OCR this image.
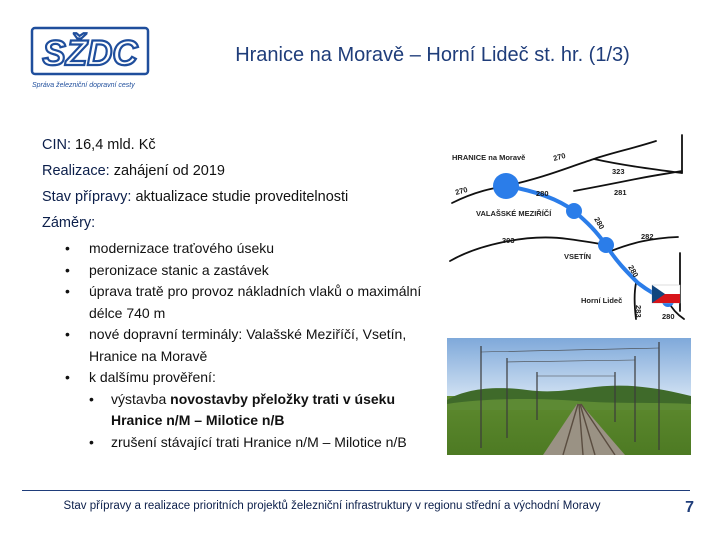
SŽDC
Správa železniční dopravní cesty
Hranice na Moravě – Horní Lideč st. hr. (1/3)
CIN: 16,4 mld. Kč
Realizace: zahájení od 2019
Stav přípravy: aktualizace studie proveditelnosti
Záměry:
• modernizace traťového úseku
• peronizace stanic a zastávek
• úprava tratě pro provoz nákladních vlaků o maximální délce 740 m
• nové dopravní terminály: Valašské Meziříčí, Vsetín, Hranice na Moravě
• k dalšímu prověření:
• výstavba novostavby přeložky trati v úseku Hranice n/M – Milotice n/B
• zrušení stávající trati Hranice n/M – Milotice n/B
HRANICE na Moravě
VALAŠSKÉ MEZIŘÍČÍ
VSETÍN
Horní Lideč
270
323
270	280	281
280
303	282
280
283	280
Stav přípravy a realizace prioritních projektů železniční infrastruktury v regionu střední a východní Moravy	7
